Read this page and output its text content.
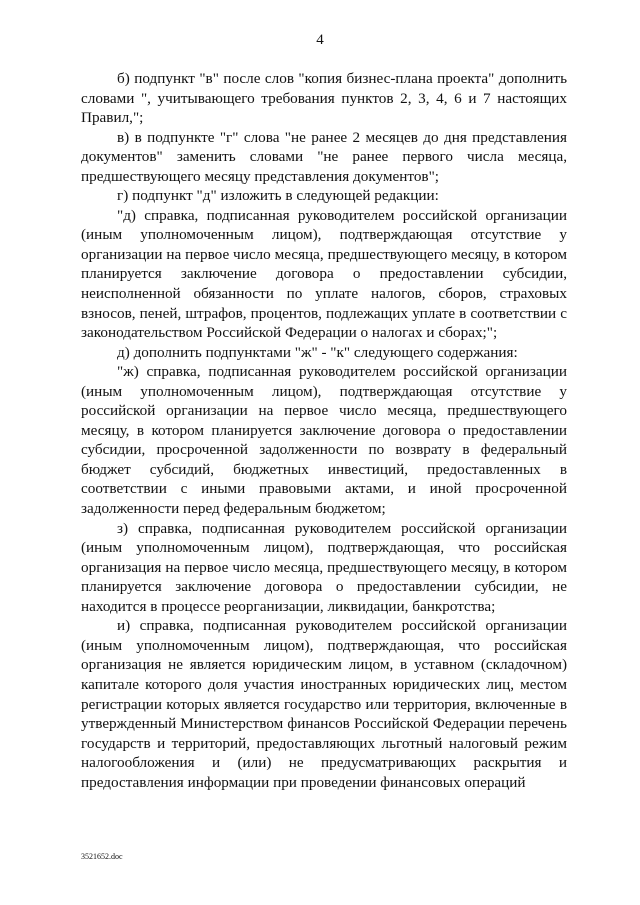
4

б) подпункт "в" после слов "копия бизнес-плана проекта" дополнить словами ", учитывающего требования пунктов 2, 3, 4, 6 и 7 настоящих Правил,";

в) в подпункте "г" слова "не ранее 2 месяцев до дня представления документов" заменить словами "не ранее первого числа месяца, предшествующего месяцу представления документов";

г) подпункт "д" изложить в следующей редакции:

"д) справка, подписанная руководителем российской организации (иным уполномоченным лицом), подтверждающая отсутствие у организации на первое число месяца, предшествующего месяцу, в котором планируется заключение договора о предоставлении субсидии, неисполненной обязанности по уплате налогов, сборов, страховых взносов, пеней, штрафов, процентов, подлежащих уплате в соответствии с законодательством Российской Федерации о налогах и сборах;";

д) дополнить подпунктами "ж" - "к" следующего содержания:

"ж) справка, подписанная руководителем российской организации (иным уполномоченным лицом), подтверждающая отсутствие у российской организации на первое число месяца, предшествующего месяцу, в котором планируется заключение договора о предоставлении субсидии, просроченной задолженности по возврату в федеральный бюджет субсидий, бюджетных инвестиций, предоставленных в соответствии с иными правовыми актами, и иной просроченной задолженности перед федеральным бюджетом;

з) справка, подписанная руководителем российской организации (иным уполномоченным лицом), подтверждающая, что российская организация на первое число месяца, предшествующего месяцу, в котором планируется заключение договора о предоставлении субсидии, не находится в процессе реорганизации, ликвидации, банкротства;

и) справка, подписанная руководителем российской организации (иным уполномоченным лицом), подтверждающая, что российская организация не является юридическим лицом, в уставном (складочном) капитале которого доля участия иностранных юридических лиц, местом регистрации которых является государство или территория, включенные в утвержденный Министерством финансов Российской Федерации перечень государств и территорий, предоставляющих льготный налоговый режим налогообложения и (или) не предусматривающих раскрытия и предоставления информации при проведении финансовых операций

3521652.doc
